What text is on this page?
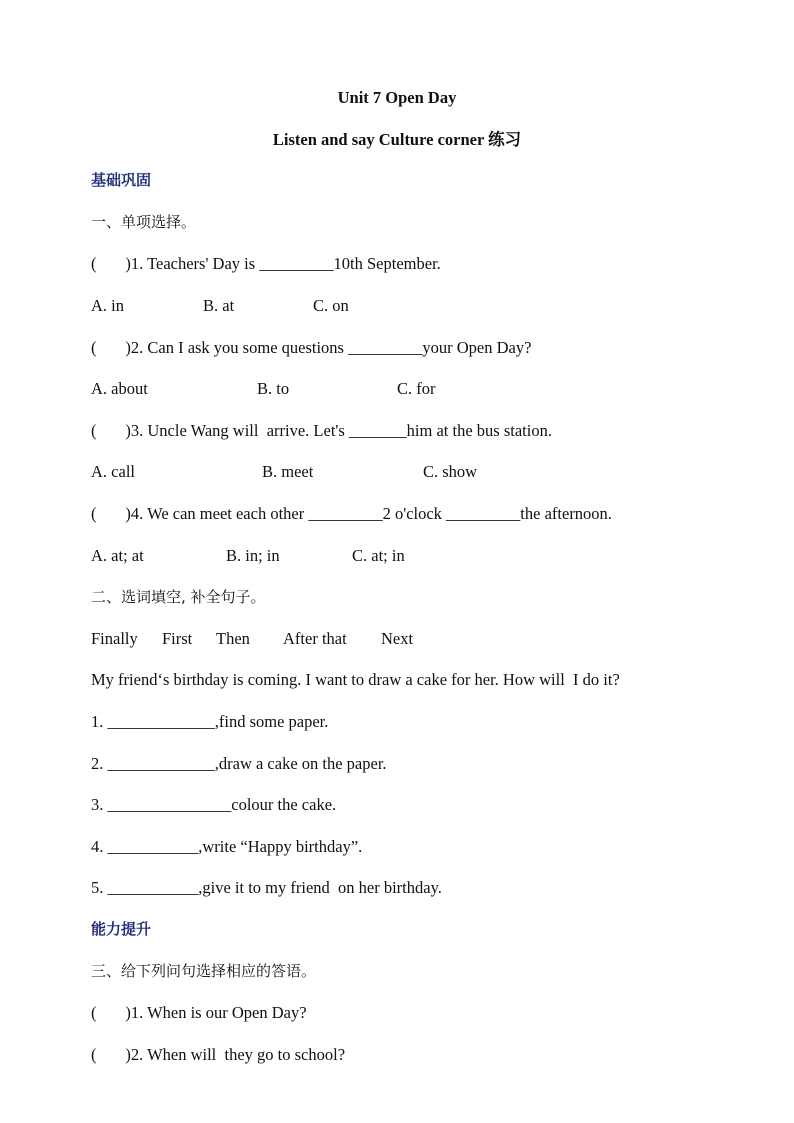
Unit 7 Open Day
Listen and say Culture corner 练习
基础巩固
一、单项选择。
(       )1. Teachers' Day is _________10th September.
A. in	B. at	C. on
(       )2. Can I ask you some questions _________your Open Day?
A. about	B. to	C. for
(       )3. Uncle Wang will  arrive. Let's _______him at the bus station.
A. call	B. meet	C. show
(       )4. We can meet each other _________2 o'clock _________the afternoon.
A. at; at	B. in; in	C. at; in
二、选词填空, 补全句子。
Finally First Then After that Next
My friend‘s birthday is coming. I want to draw a cake for her. How will  I do it?
1. _____________,find some paper.
2. _____________,draw a cake on the paper.
3. _______________colour the cake.
4. ___________,write “Happy birthday”.
5. ___________,give it to my friend  on her birthday.
能力提升
三、给下列问句选择相应的答语。
(       )1. When is our Open Day?
(       )2. When will  they go to school?
